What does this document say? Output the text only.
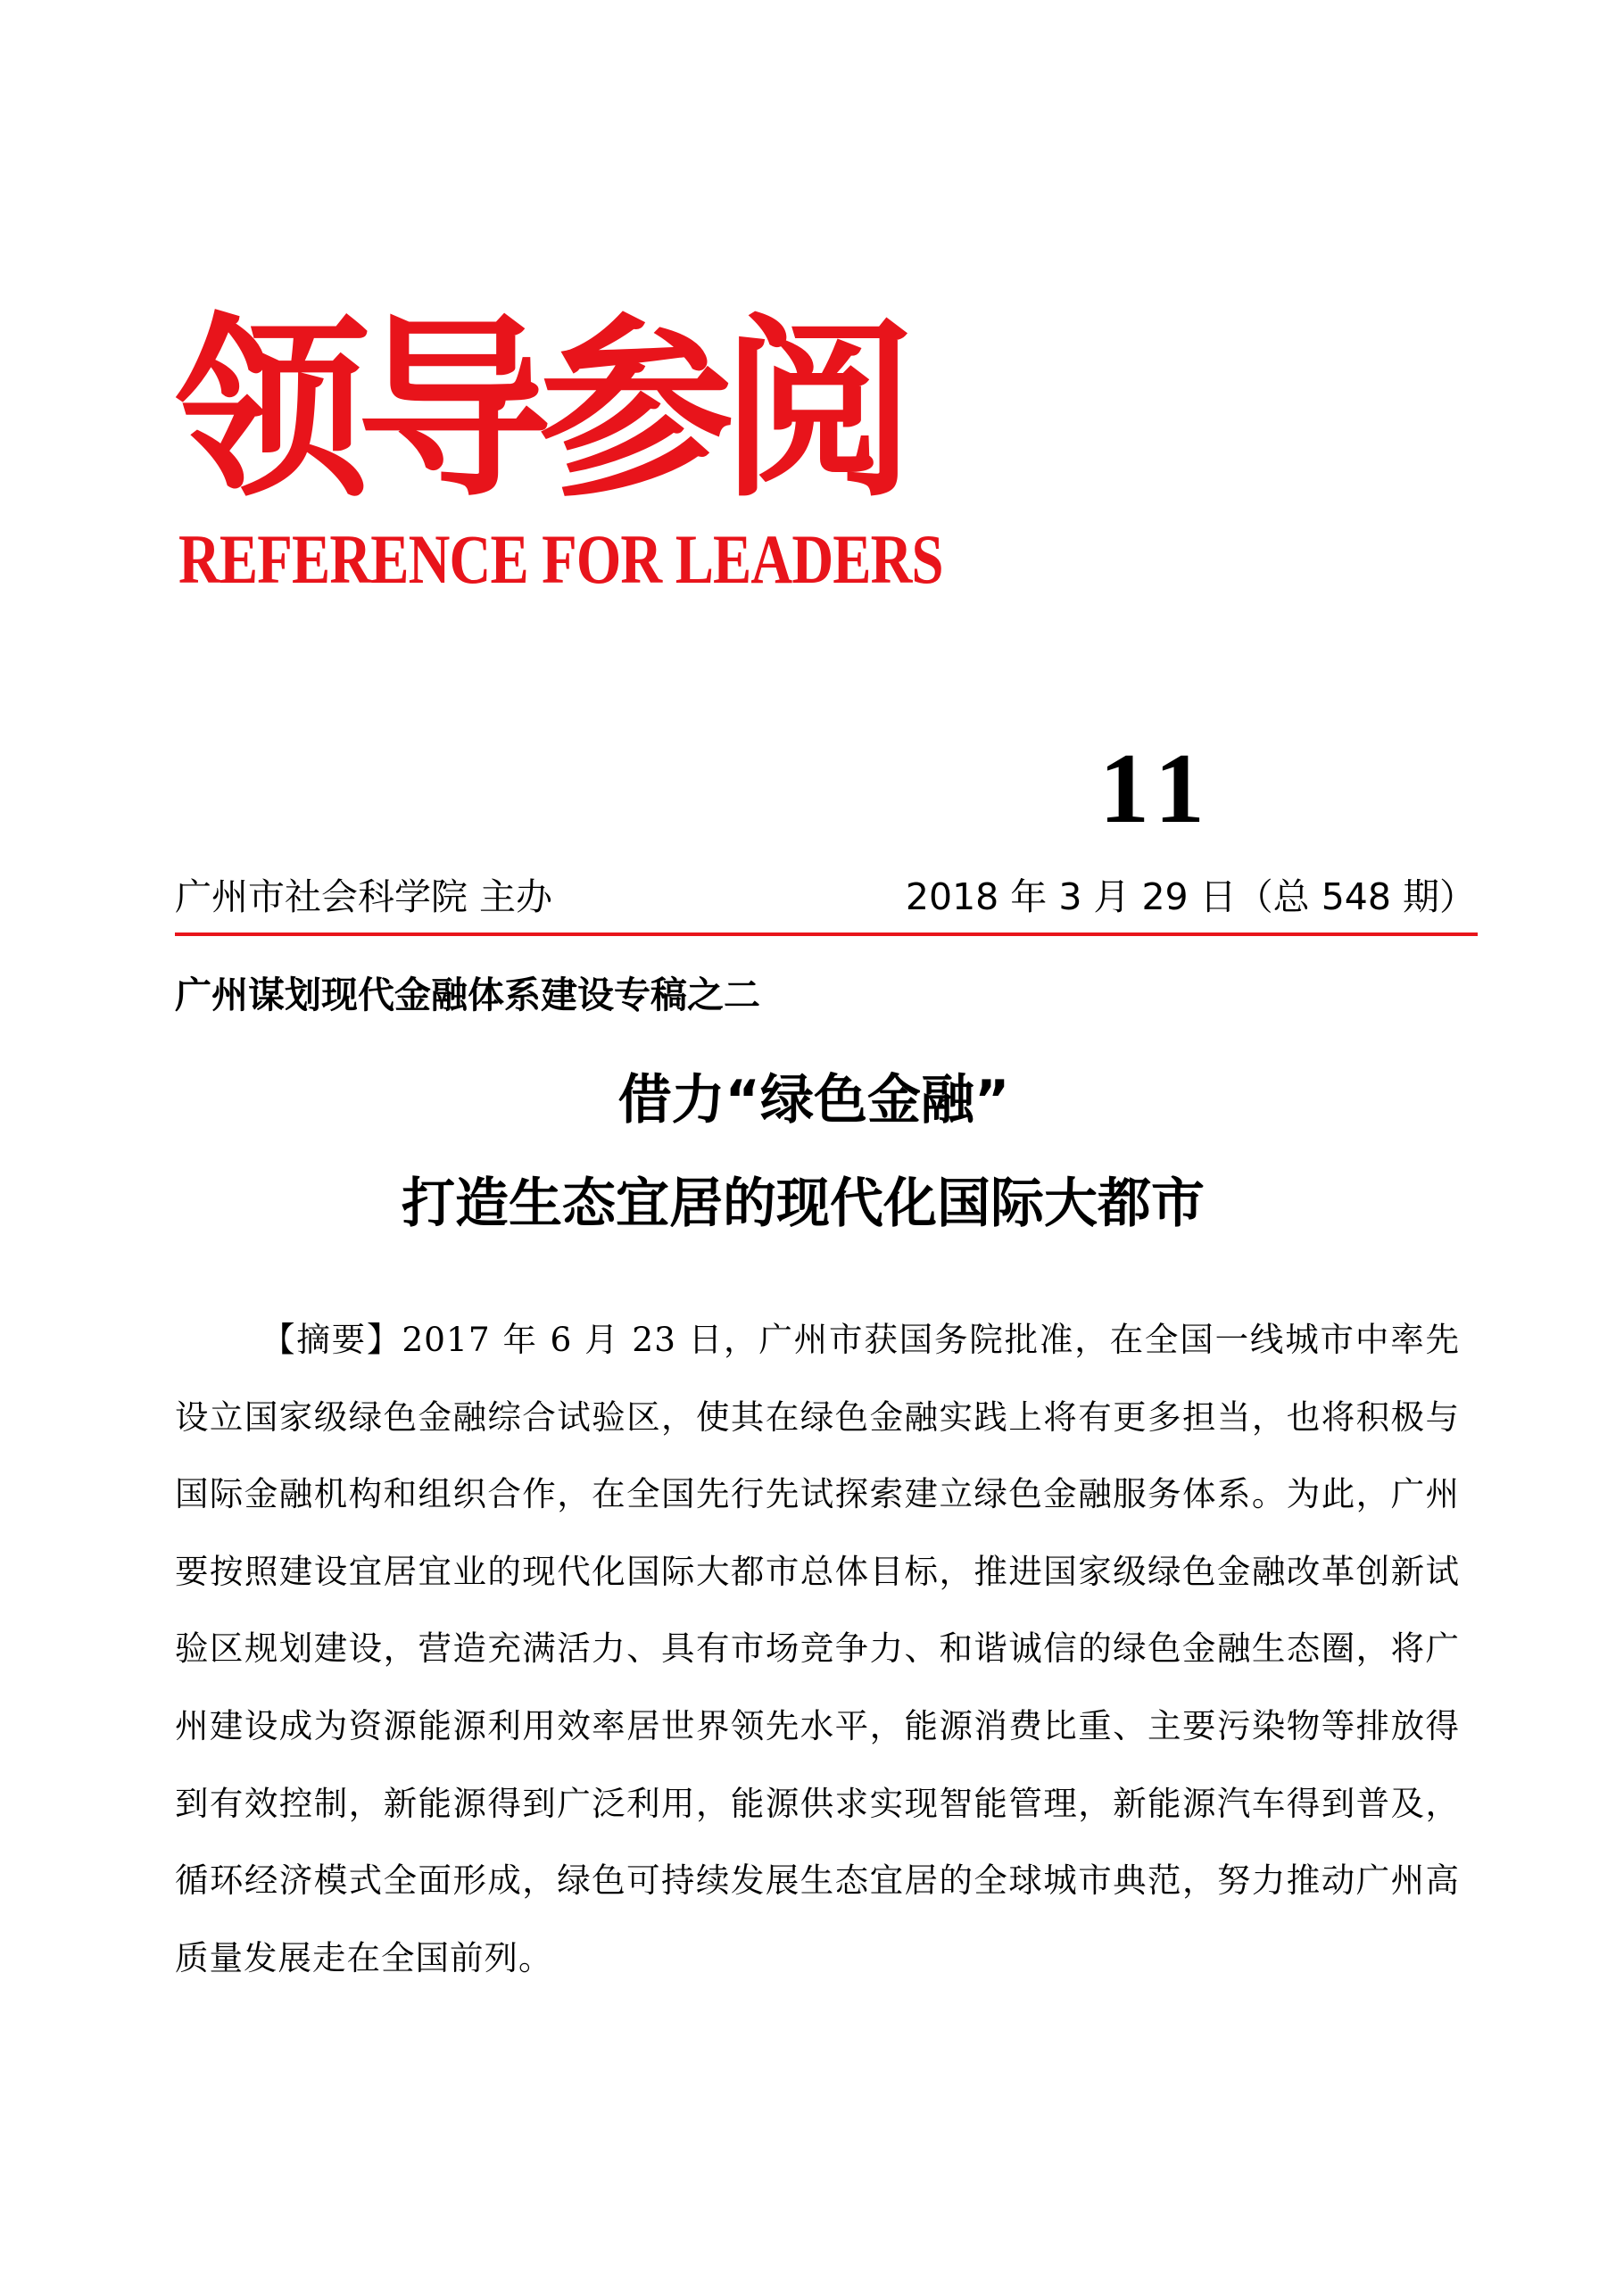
领导参阅
REFERENCE FOR LEADERS
11
广州市社会科学院 主办	2018 年 3 月 29 日（总 548 期）
广州谋划现代金融体系建设专稿之二
借力“绿色金融”
打造生态宜居的现代化国际大都市

【摘要】2017 年 6 月 23 日，广州市获国务院批准，在全国一线城市中率先设立国家级绿色金融综合试验区，使其在绿色金融实践上将有更多担当，也将积极与国际金融机构和组织合作，在全国先行先试探索建立绿色金融服务体系。为此，广州要按照建设宜居宜业的现代化国际大都市总体目标，推进国家级绿色金融改革创新试验区规划建设，营造充满活力、具有市场竞争力、和谐诚信的绿色金融生态圈，将广州建设成为资源能源利用效率居世界领先水平，能源消费比重、主要污染物等排放得到有效控制，新能源得到广泛利用，能源供求实现智能管理，新能源汽车得到普及，循环经济模式全面形成，绿色可持续发展生态宜居的全球城市典范，努力推动广州高质量发展走在全国前列。
